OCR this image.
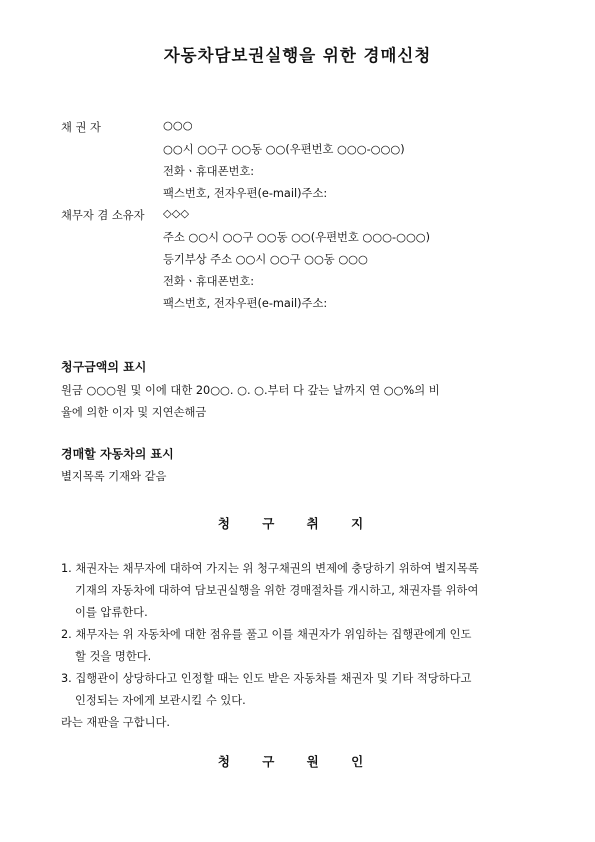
자동차담보권실행을 위한 경매신청
채 권 자	○○○
○○시 ○○구 ○○동 ○○(우편번호 ○○○-○○○)
전화ㆍ휴대폰번호:
팩스번호, 전자우편(e-mail)주소:
채무자 겸 소유자 ◇◇◇
주소 ○○시 ○○구 ○○동 ○○(우편번호 ○○○-○○○)
등기부상 주소 ○○시 ○○구 ○○동 ○○○
전화ㆍ휴대폰번호:
팩스번호, 전자우편(e-mail)주소:
청구금액의 표시
원금 ○○○원 및 이에 대한 20○○. ○. ○.부터 다 갚는 날까지 연 ○○%의 비
율에 의한 이자 및 지연손해금
경매할 자동차의 표시
별지목록 기재와 같음
청 구 취 지
1. 채권자는 채무자에 대하여 가지는 위 청구채권의 변제에 충당하기 위하여 별지목록
기재의 자동차에 대하여 담보권실행을 위한 경매절차를 개시하고, 채권자를 위하여
이를 압류한다.
2. 채무자는 위 자동차에 대한 점유를 풀고 이를 채권자가 위임하는 집행관에게 인도
할 것을 명한다.
3. 집행관이 상당하다고 인정할 때는 인도 받은 자동차를 채권자 및 기타 적당하다고
인정되는 자에게 보관시킬 수 있다.
라는 재판을 구합니다.
청 구 원 인
